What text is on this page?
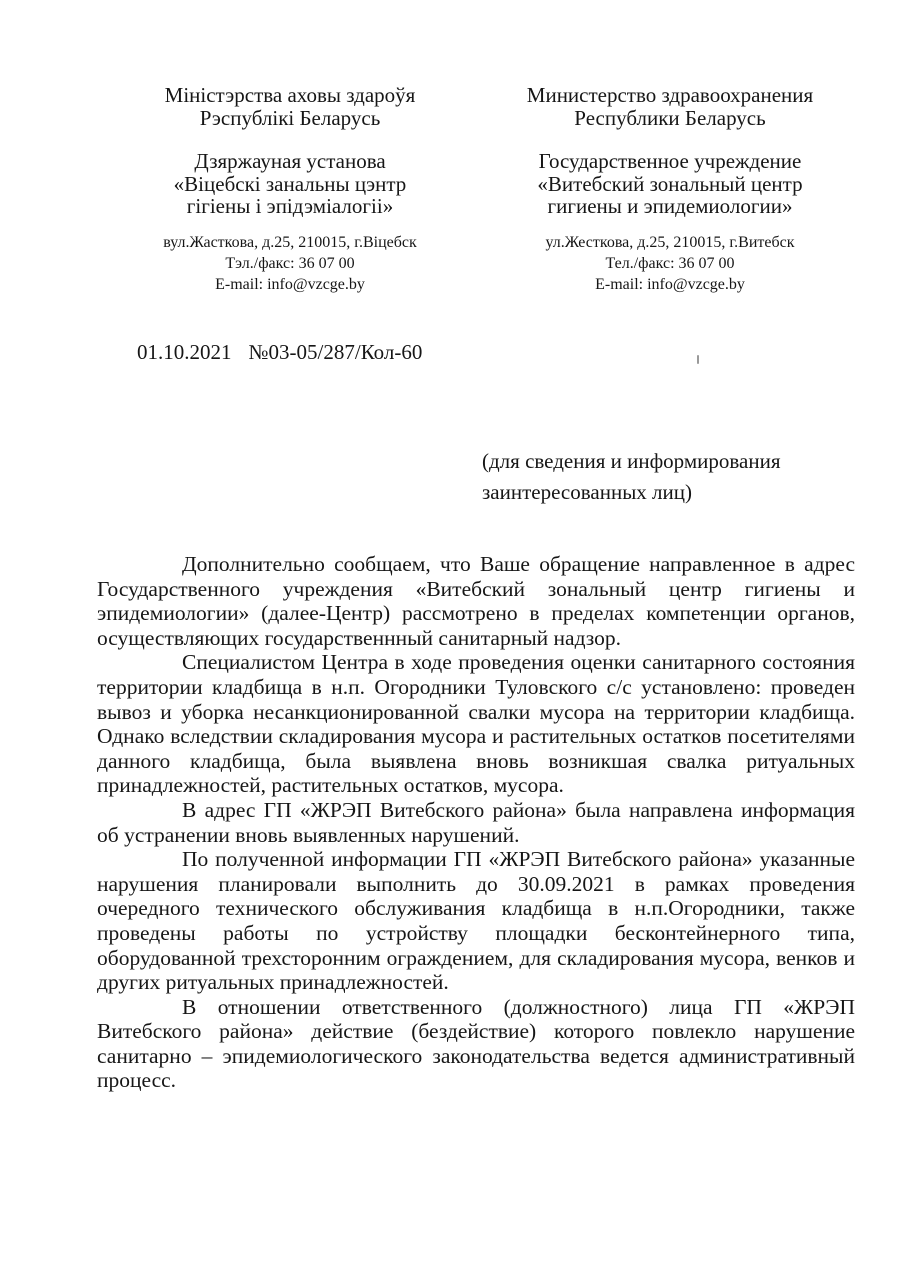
Міністэрства аховы здароўя
Рэспублікі Беларусь
Дзяржауная установа
«Віцебскі занальны цэнтр
гігіены і эпідэміалогіі»
вул.Жасткова, д.25, 210015, г.Віцебск
Тэл./факс: 36 07 00
E-mail: info@vzcge.by
Министерство здравоохранения
Республики Беларусь
Государственное учреждение
«Витебский зональный центр
гигиены и эпидемиологии»
ул.Жесткова, д.25, 210015, г.Витебск
Тел./факс: 36 07 00
E-mail: info@vzcge.by
01.10.2021 №03-05/287/Кол-60
(для сведения и информирования
заинтересованных лиц)

Дополнительно сообщаем, что Ваше обращение направленное в адрес Государственного учреждения «Витебский зональный центр гигиены и эпидемиологии» (далее-Центр) рассмотрено в пределах компетенции органов, осуществляющих государственнный санитарный надзор.

Специалистом Центра в ходе проведения оценки санитарного состояния территории кладбища в н.п. Огородники Туловского с/с установлено: проведен вывоз и уборка несанкционированной свалки мусора на территории кладбища. Однако вследствии складирования мусора и растительных остатков посетителями данного кладбища, была выявлена вновь возникшая свалка ритуальных принадлежностей, растительных остатков, мусора.

В адрес ГП «ЖРЭП Витебского района» была направлена информация об устранении вновь выявленных нарушений.

По полученной информации ГП «ЖРЭП Витебского района» указанные нарушения планировали выполнить до 30.09.2021 в рамках проведения очередного технического обслуживания кладбища в н.п.Огородники, также проведены работы по устройству площадки бесконтейнерного типа, оборудованной трехсторонним ограждением, для складирования мусора, венков и других ритуальных принадлежностей.

В отношении ответственного (должностного) лица ГП «ЖРЭП Витебского района» действие (бездействие) которого повлекло нарушение санитарно – эпидемиологического законодательства ведется административный процесс.
